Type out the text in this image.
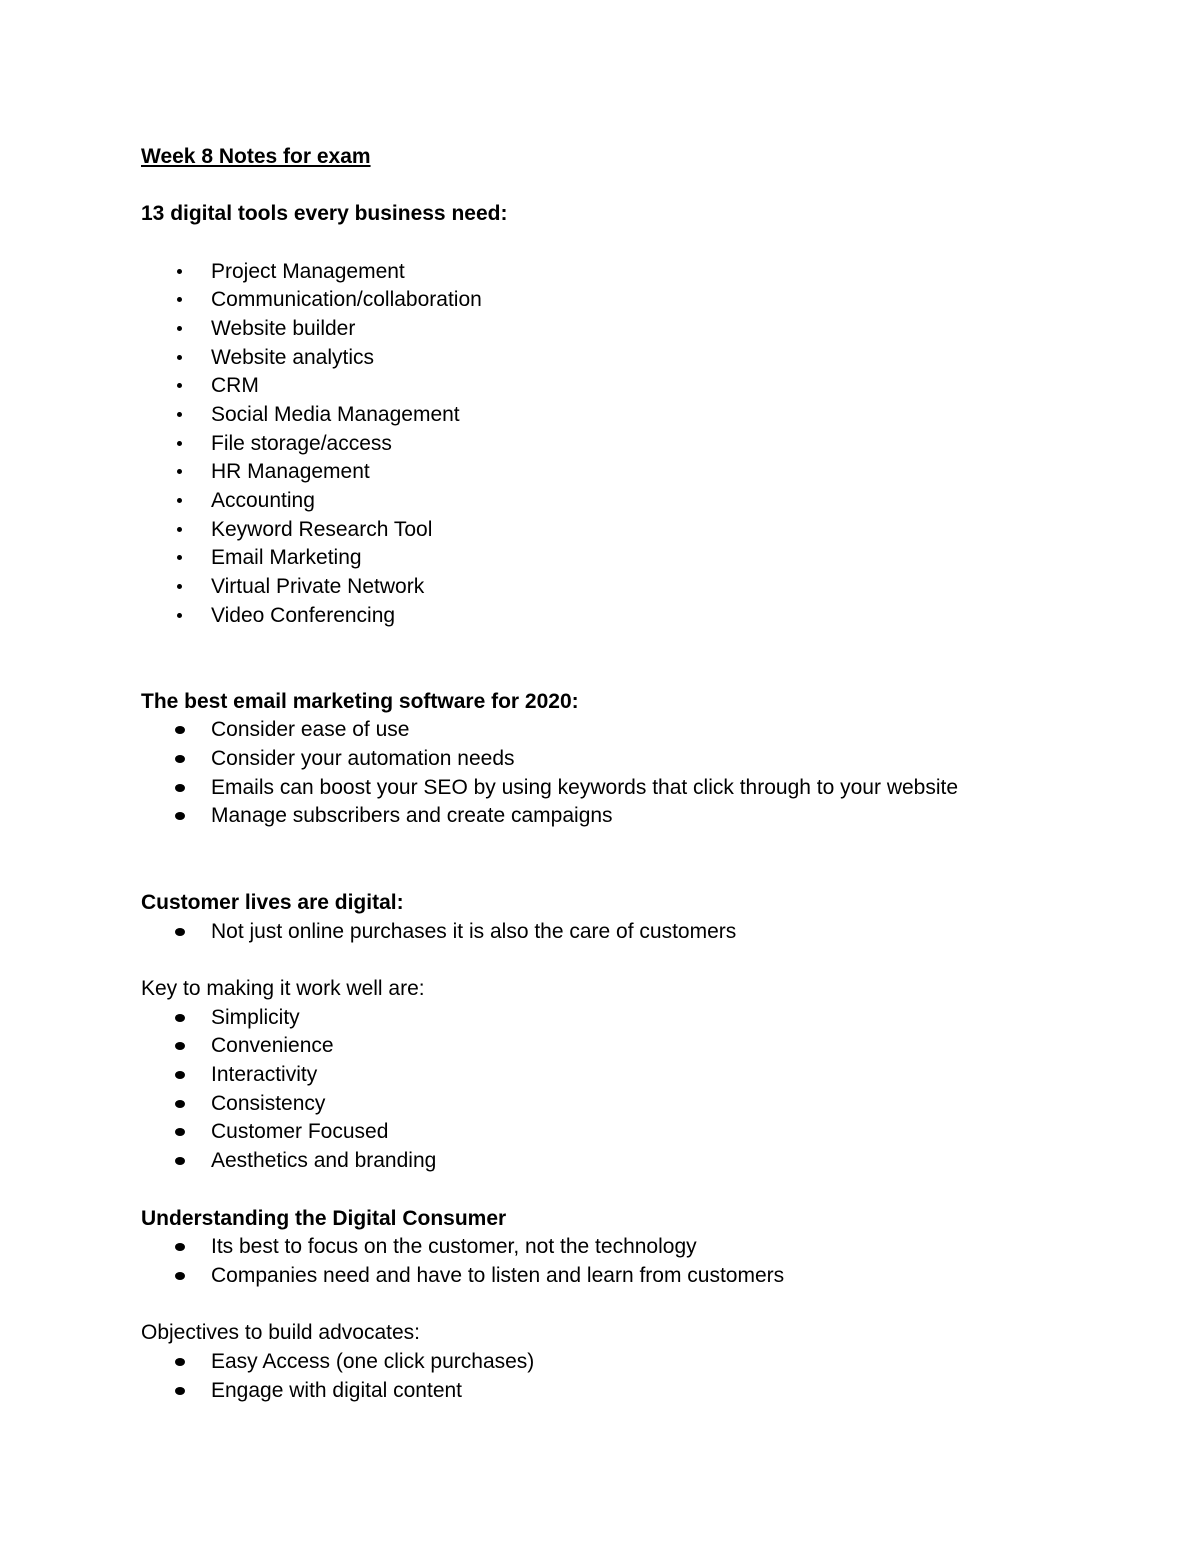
Week 8 Notes for exam
13 digital tools every business need:
Project Management
Communication/collaboration
Website builder
Website analytics
CRM
Social Media Management
File storage/access
HR Management
Accounting
Keyword Research Tool
Email Marketing
Virtual Private Network
Video Conferencing
The best email marketing software for 2020:
Consider ease of use
Consider your automation needs
Emails can boost your SEO by using keywords that click through to your website
Manage subscribers and create campaigns
Customer lives are digital:
Not just online purchases it is also the care of customers
Key to making it work well are:
Simplicity
Convenience
Interactivity
Consistency
Customer Focused
Aesthetics and branding
Understanding the Digital Consumer
Its best to focus on the customer, not the technology
Companies need and have to listen and learn from customers
Objectives to build advocates:
Easy Access (one click purchases)
Engage with digital content
